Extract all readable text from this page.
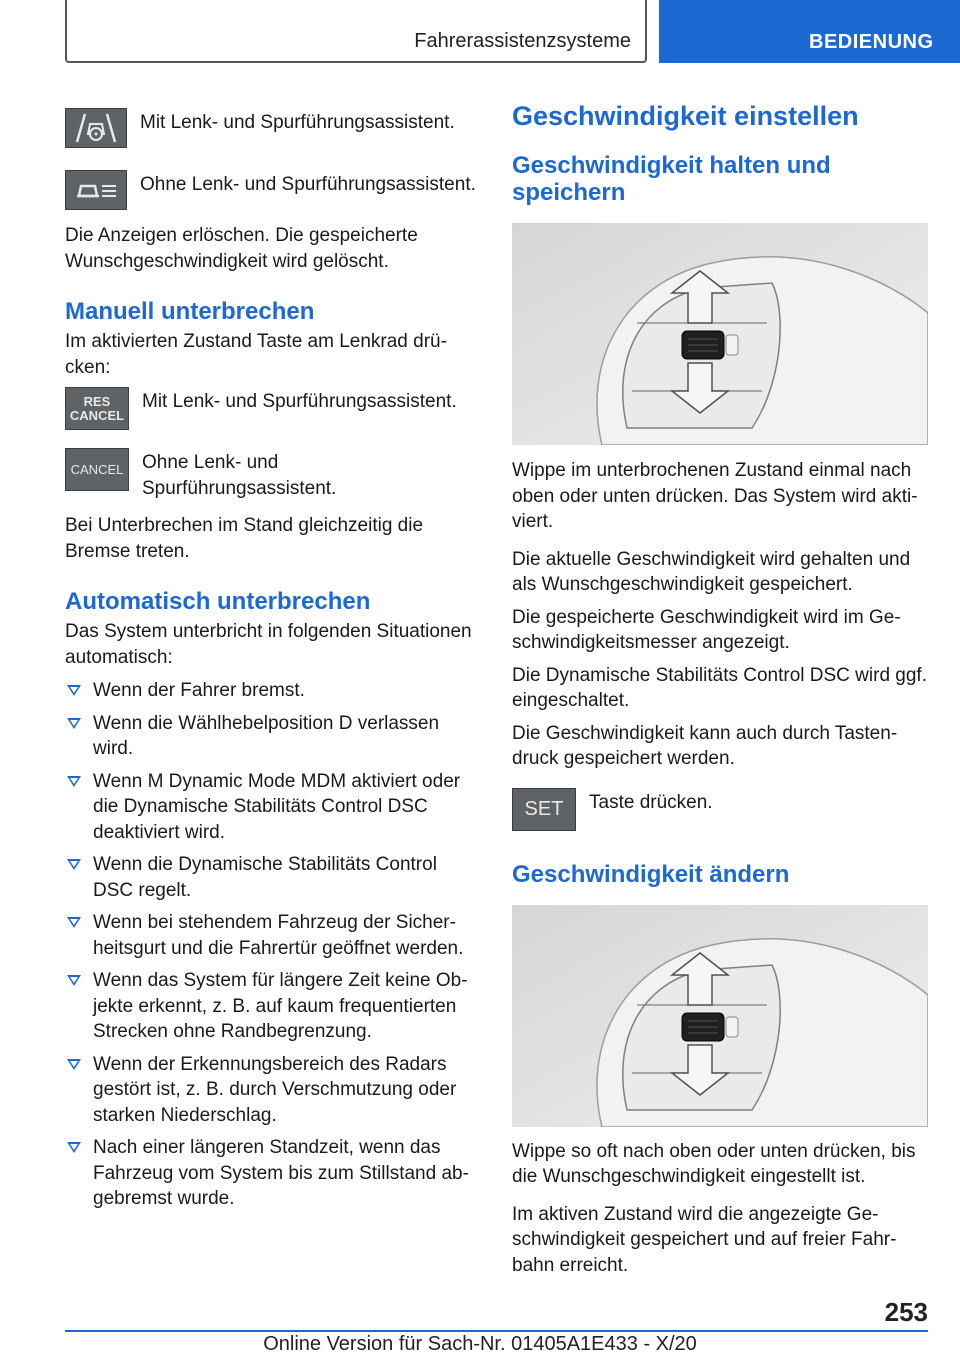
Fahrerassistenzsysteme	BEDIENUNG

Mit Lenk- und Spurführungsassistent.

Ohne Lenk- und Spurführungsassistent.

Die Anzeigen erlöschen. Die gespeicherte Wunschgeschwindigkeit wird gelöscht.

Manuell unterbrechen

Im aktivierten Zustand Taste am Lenkrad drücken:

RES
CANCEL

Mit Lenk- und Spurführungsassistent.

CANCEL Ohne Lenk- und Spurführungsassistent.

Bei Unterbrechen im Stand gleichzeitig die Bremse treten.

Automatisch unterbrechen

Das System unterbricht in folgenden Situationen automatisch:

Wenn der Fahrer bremst.
Wenn die Wählhebelposition D verlassen wird.
Wenn M Dynamic Mode MDM aktiviert oder die Dynamische Stabilitäts Control DSC deaktiviert wird.
Wenn die Dynamische Stabilitäts Control DSC regelt.
Wenn bei stehendem Fahrzeug der Sicherheitsgurt und die Fahrertür geöffnet werden.
Wenn das System für längere Zeit keine Objekte erkennt, z. B. auf kaum frequentierten Strecken ohne Randbegrenzung.
Wenn der Erkennungsbereich des Radars gestört ist, z. B. durch Verschmutzung oder starken Niederschlag.
Nach einer längeren Standzeit, wenn das Fahrzeug vom System bis zum Stillstand abgebremst wurde.
Geschwindigkeit einstellen
Geschwindigkeit halten und speichern

Wippe im unterbrochenen Zustand einmal nach oben oder unten drücken. Das System wird aktiviert.

Die aktuelle Geschwindigkeit wird gehalten und als Wunschgeschwindigkeit gespeichert.

Die gespeicherte Geschwindigkeit wird im Geschwindigkeitsmesser angezeigt.

Die Dynamische Stabilitäts Control DSC wird ggf. eingeschaltet.

Die Geschwindigkeit kann auch durch Tastendruck gespeichert werden.

SET Taste drücken.

Geschwindigkeit ändern

Wippe so oft nach oben oder unten drücken, bis die Wunschgeschwindigkeit eingestellt ist.

Im aktiven Zustand wird die angezeigte Geschwindigkeit gespeichert und auf freier Fahrbahn erreicht.

253
Online Version für Sach-Nr. 01405A1E433 - X/20
